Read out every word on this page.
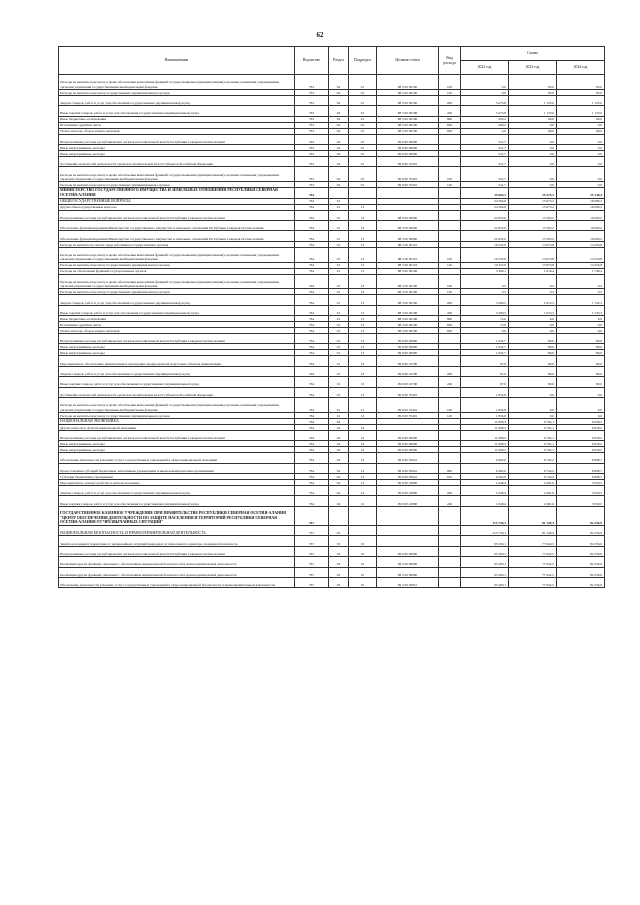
62
Наименование	Ведомство	Раздел	Подраздел	Целевая статья	Вид расхода	Сумма		
						2022 год	2023 год	2024 год
Расходы на выплаты персоналу в целях обеспечения выполнения функций государственными (муниципальными) органами, казенными учреждениями, органами управления государственными внебюджетными фондами	763	04	01	88 5 00 00190	100	0,0	83,0	83,0
Расходы на выплаты персоналу государственных (муниципальных) органов	763	04	01	88 5 00 00190	120	0,0	83,0	83,0
Закупка товаров, работ и услуг для обеспечения государственных (муниципальных) нужд	763	04	01	88 5 00 00190	200	3 475,8	1 155,0	1 155,0
Иные закупки товаров, работ и услуг для обеспечения государственных (муниципальных) нужд	763	04	01	88 5 00 00190	240	3 475,8	1 155,0	1 155,0
Иные бюджетные ассигнования	763	04	01	88 5 00 00190	800	503,2	69,0	69,0
Исполнение судебных актов	763	04	01	88 5 00 00190	830	499,2	0,0	0,0
Уплата налогов, сборов и иных платежей	763	04	01	88 5 00 00190	850	4,0	69,0	69,0
Непрограммные расходы республиканских органов исполнительной власти Республики Северная Осетия-Алания	763	04	01	99 0 00 00000		541,7	0,0	0,0
Иные непрограммные расходы	763	04	01	99 9 00 00000		541,7	0,0	0,0
Иные непрограммные расходы	763	04	01	99 9 00 00000		541,7	0,0	0,0
Достижение показателей деятельности органов исполнительной власти субъектов Российской Федерации	763	04	01	99 9 00 55491		541,7	0,0	0,0
Расходы на выплаты персоналу в целях обеспечения выполнения функций государственными (муниципальными) органами, казенными учреждениями, органами управления государственными внебюджетными фондами	763	04	01	99 9 00 55491	100	541,7	0,0	0,0
Расходы на выплаты персоналу государственных (муниципальных) органов	763	04	01	99 9 00 55491	120	541,7	0,0	0,0
МИНИСТЕРСТВО ГОСУДАРСТВЕННОГО ИМУЩЕСТВА И ЗЕМЕЛЬНЫХ ОТНОШЕНИЙ РЕСПУБЛИКИ СЕВЕРНАЯ ОСЕТИЯ-АЛАНИЯ	764					35 664,1	25 375,3	25 138,4
ОБЩЕГОСУДАРСТВЕННЫЕ ВОПРОСЫ	764	01				24 564,8	15 673,2	16 080,2
Другие общегосударственные вопросы	764	01	13			24 564,8	15 673,2	16 080,2
Непрограммные расходы республиканских органов исполнительной власти Республики Северная Осетия-Алания	764	01	13	88 0 00 00000		22 632,0	15 593,2	16 000,2
Обеспечение функционирования Министерства государственного имущества и земельных отношений Республики Северная Осетия-Алания	764	01	13	88 3 00 00000		22 632,0	15 593,2	16 000,2
Обеспечение функционирования Министерства государственного имущества и земельных отношений Республики Северная Осетия-Алания	764	01	13	88 3 00 00000		22 632,0	15 593,2	16 000,2
Расходы на выплаты по оплате труда работников государственных органов	764	01	13	88 3 00 00110		19 332,0	13 973,8	14 250,8
Расходы на выплаты персоналу в целях обеспечения выполнения функций государственными (муниципальными) органами, казенными учреждениями, органами управления государственными внебюджетными фондами	764	01	13	88 3 00 00110	100	19 332,0	13 973,8	14 250,8
Расходы на выплаты персоналу государственных (муниципальных) органов	764	01	13	88 3 00 00110	120	19 332,0	13 973,8	14 250,8
Расходы на обеспечение функций государственных органов	764	01	13	88 3 00 00190		3 300,1	1 619,4	1 749,4
Расходы на выплаты персоналу в целях обеспечения выполнения функций государственными (муниципальными) органами, казенными учреждениями, органами управления государственными внебюджетными фондами	764	01	13	88 3 00 00190	100	3,5	0,3	0,3
Расходы на выплаты персоналу государственных (муниципальных) органов	764	01	13	88 3 00 00190	120	3,5	0,3	0,3
Закупка товаров, работ и услуг для обеспечения государственных (муниципальных) нужд	764	01	13	88 3 00 00190	200	3 290,5	1 613,3	1 743,3
Иные закупки товаров, работ и услуг для обеспечения государственных (муниципальных) нужд	764	01	13	88 3 00 00190	240	3 290,5	1 613,3	1 743,3
Иные бюджетные ассигнования	764	01	13	88 3 00 00190	800	15,0	6,0	6,0
Исполнение судебных актов	764	01	13	88 3 00 00190	830	15,0	0,0	0,0
Уплата налогов, сборов и иных платежей	764	01	13	88 3 00 00190	850	0,0	6,0	6,0
Непрограммные расходы республиканских органов исполнительной власти Республики Северная Осетия-Алания	764	01	13	99 0 00 00000		1 932,7	80,0	80,0
Иные непрограммные расходы	764	01	13	99 9 00 00000		1 932,7	80,0	80,0
Иные непрограммные расходы	764	01	13	99 9 00 00000		1 932,7	80,0	80,0
Мероприятия по обеспечению приватизации и проведению предпродажной подготовки объектов приватизации	764	01	13	99 9 00 22790		97,9	80,0	80,0
Закупка товаров, работ и услуг для обеспечения государственных (муниципальных) нужд	764	01	13	99 9 00 22790	200	97,9	80,0	80,0
Иные закупки товаров, работ и услуг для обеспечения государственных (муниципальных) нужд	764	01	13	99 9 00 22790	240	97,9	80,0	80,0
Достижение показателей деятельности органов исполнительной власти субъектов Российской Федерации	764	01	13	99 9 00 55491		1 834,8	0,0	0,0
Расходы на выплаты персоналу в целях обеспечения выполнения функций государственными (муниципальными) органами, казенными учреждениями, органами управления государственными внебюджетными фондами	764	01	13	99 9 00 55491	100	1 834,8	0,0	0,0
Расходы на выплаты персоналу государственных (муниципальных) органов	764	01	13	99 9 00 55491	120	1 834,8	0,0	0,0
НАЦИОНАЛЬНАЯ ЭКОНОМИКА	764	04				11 099,3	9 702,1	9 058,2
Другие вопросы в области национальной экономики	764	04	12			11 099,3	9 702,1	9 058,2
Непрограммные расходы республиканских органов исполнительной власти Республики Северная Осетия-Алания	764	04	12	99 0 00 00000		11 099,3	9 702,1	9 058,2
Иные непрограммные расходы	764	04	12	99 9 00 00000		11 099,3	9 702,1	9 058,2
Иные непрограммные расходы	764	04	12	99 9 00 00000		11 099,3	9 702,1	9 058,2
Обеспечение деятельности (оказание услуг) государственных учреждений в сфере национальной экономики	764	04	12	99 9 00 05941		9 402,0	6 724,2	6 868,7
Предоставление субсидий бюджетным, автономным учреждениям и иным некоммерческим организациям	764	04	12	99 9 00 05941	600	9 402,0	6 724,2	6 868,7
Субсидии бюджетным учреждениям	764	04	12	99 9 00 05941	610	9 402,0	6 724,2	6 868,7
Мероприятия по землеустройству и землепользованию	764	04	12	99 9 00 22800		1 649,4	2 481,9	3 059,5
Закупка товаров, работ и услуг для обеспечения государственных (муниципальных) нужд	764	04	12	99 9 00 22800	200	1 649,4	2 481,9	3 059,5
Иные закупки товаров, работ и услуг для обеспечения государственных (муниципальных) нужд	764	04	12	99 9 00 22800	240	1 649,4	2 481,9	3 059,5
ГОСУДАРСТВЕННОЕ КАЗЕННОЕ УЧРЕЖДЕНИЕ ПРИ ПРАВИТЕЛЬСТВЕ РЕСПУБЛИКИ СЕВЕРНАЯ ОСЕТИЯ-АЛАНИЯ "ЦЕНТР ОБЕСПЕЧЕНИЯ ДЕЯТЕЛЬНОСТИ ПО ЗАЩИТЕ НАСЕЛЕНИЯ И ТЕРРИТОРИЙ РЕСПУБЛИКИ СЕВЕРНАЯ ОСЕТИЯ-АЛАНИЯ ОТ ЧРЕЗВЫЧАЙНЫХ СИТУАЦИЙ"	767					115 756,1	81 149,4	82 256,9
НАЦИОНАЛЬНАЯ БЕЗОПАСНОСТЬ И ПРАВООХРАНИТЕЛЬНАЯ ДЕЯТЕЛЬНОСТЬ	767	03				115 756,1	81 149,4	82 256,9
Защита населения и территории от чрезвычайных ситуаций природного и техногенного характера, пожарная безопасность	767	03	10			95 200,1	77 042,5	82 256,9
Непрограммные расходы республиканских органов исполнительной власти Республики Северная Осетия-Алания	767	03	10	99 0 00 00000		95 200,1	77 042,5	82 256,9
Реализация других функций, связанных с обеспечением национальной безопасности и правоохранительной деятельности	767	03	10	99 2 00 00000		95 200,1	77 042,5	82 256,9
Реализация других функций, связанных с обеспечением национальной безопасности и правоохранительной деятельности	767	03	10	99 2 00 00000		95 200,1	77 042,5	82 256,9
Обеспечение деятельности (оказание услуг) государственных учреждений в сфере национальной безопасности и правоохранительной деятельности	767	03	10	99 2 00 05951		95 200,1	77 042,5	82 256,9
